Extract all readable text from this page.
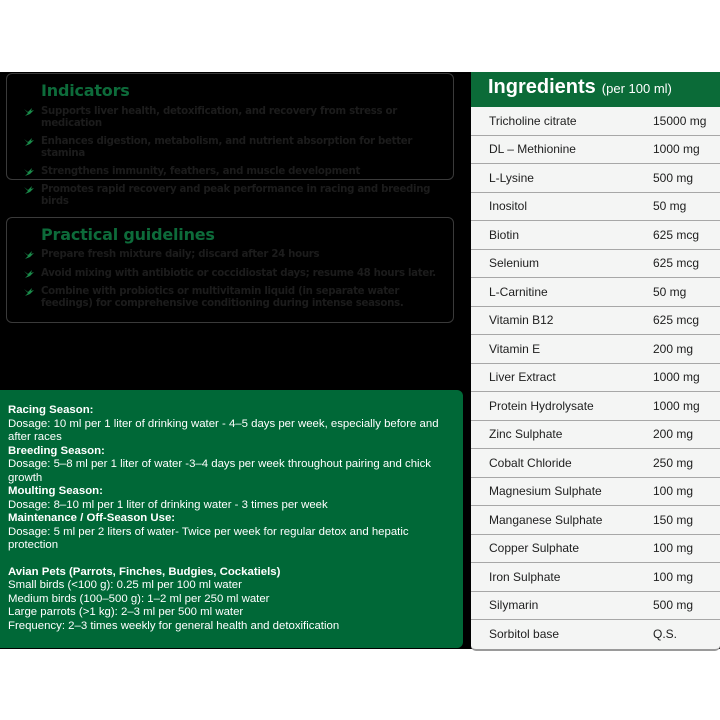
Indicators
Supports liver health, detoxification, and recovery from stress or medication
Enhances digestion, metabolism, and nutrient absorption for better stamina
Strengthens immunity, feathers, and muscle development
Promotes rapid recovery and peak performance in racing and breeding birds
Practical guidelines
Prepare fresh mixture daily; discard after 24 hours
Avoid mixing with antibiotic or coccidiostat days; resume 48 hours later.
Combine with probiotics or multivitamin liquid (in separate water feedings) for comprehensive conditioning during intense seasons.
Racing Season:
Dosage: 10 ml per 1 liter of drinking water - 4–5 days per week, especially before and after races
Breeding Season:
Dosage: 5–8 ml per 1 liter of water -3–4 days per week throughout pairing and chick growth
Moulting Season:
Dosage: 8–10 ml per 1 liter of drinking water - 3 times per week
Maintenance / Off-Season Use:
Dosage: 5 ml per 2 liters of water- Twice per week for regular detox and hepatic protection
Avian Pets (Parrots, Finches, Budgies, Cockatiels)
Small birds (<100 g): 0.25 ml per 100 ml water
Medium birds (100–500 g): 1–2 ml per 250 ml water
Large parrots (>1 kg): 2–3 ml per 500 ml water
Frequency: 2–3 times weekly for general health and detoxification
Ingredients (per 100 ml)
Tricholine citrate	15000 mg
DL – Methionine	1000 mg
L-Lysine	500 mg
Inositol	50 mg
Biotin	625 mcg
Selenium	625 mcg
L-Carnitine	50 mg
Vitamin B12	625 mcg
Vitamin E	200 mg
Liver Extract	1000 mg
Protein Hydrolysate	1000 mg
Zinc Sulphate	200 mg
Cobalt Chloride	250 mg
Magnesium Sulphate	100 mg
Manganese Sulphate	150 mg
Copper Sulphate	100 mg
Iron Sulphate	100 mg
Silymarin	500 mg
Sorbitol base	Q.S.
